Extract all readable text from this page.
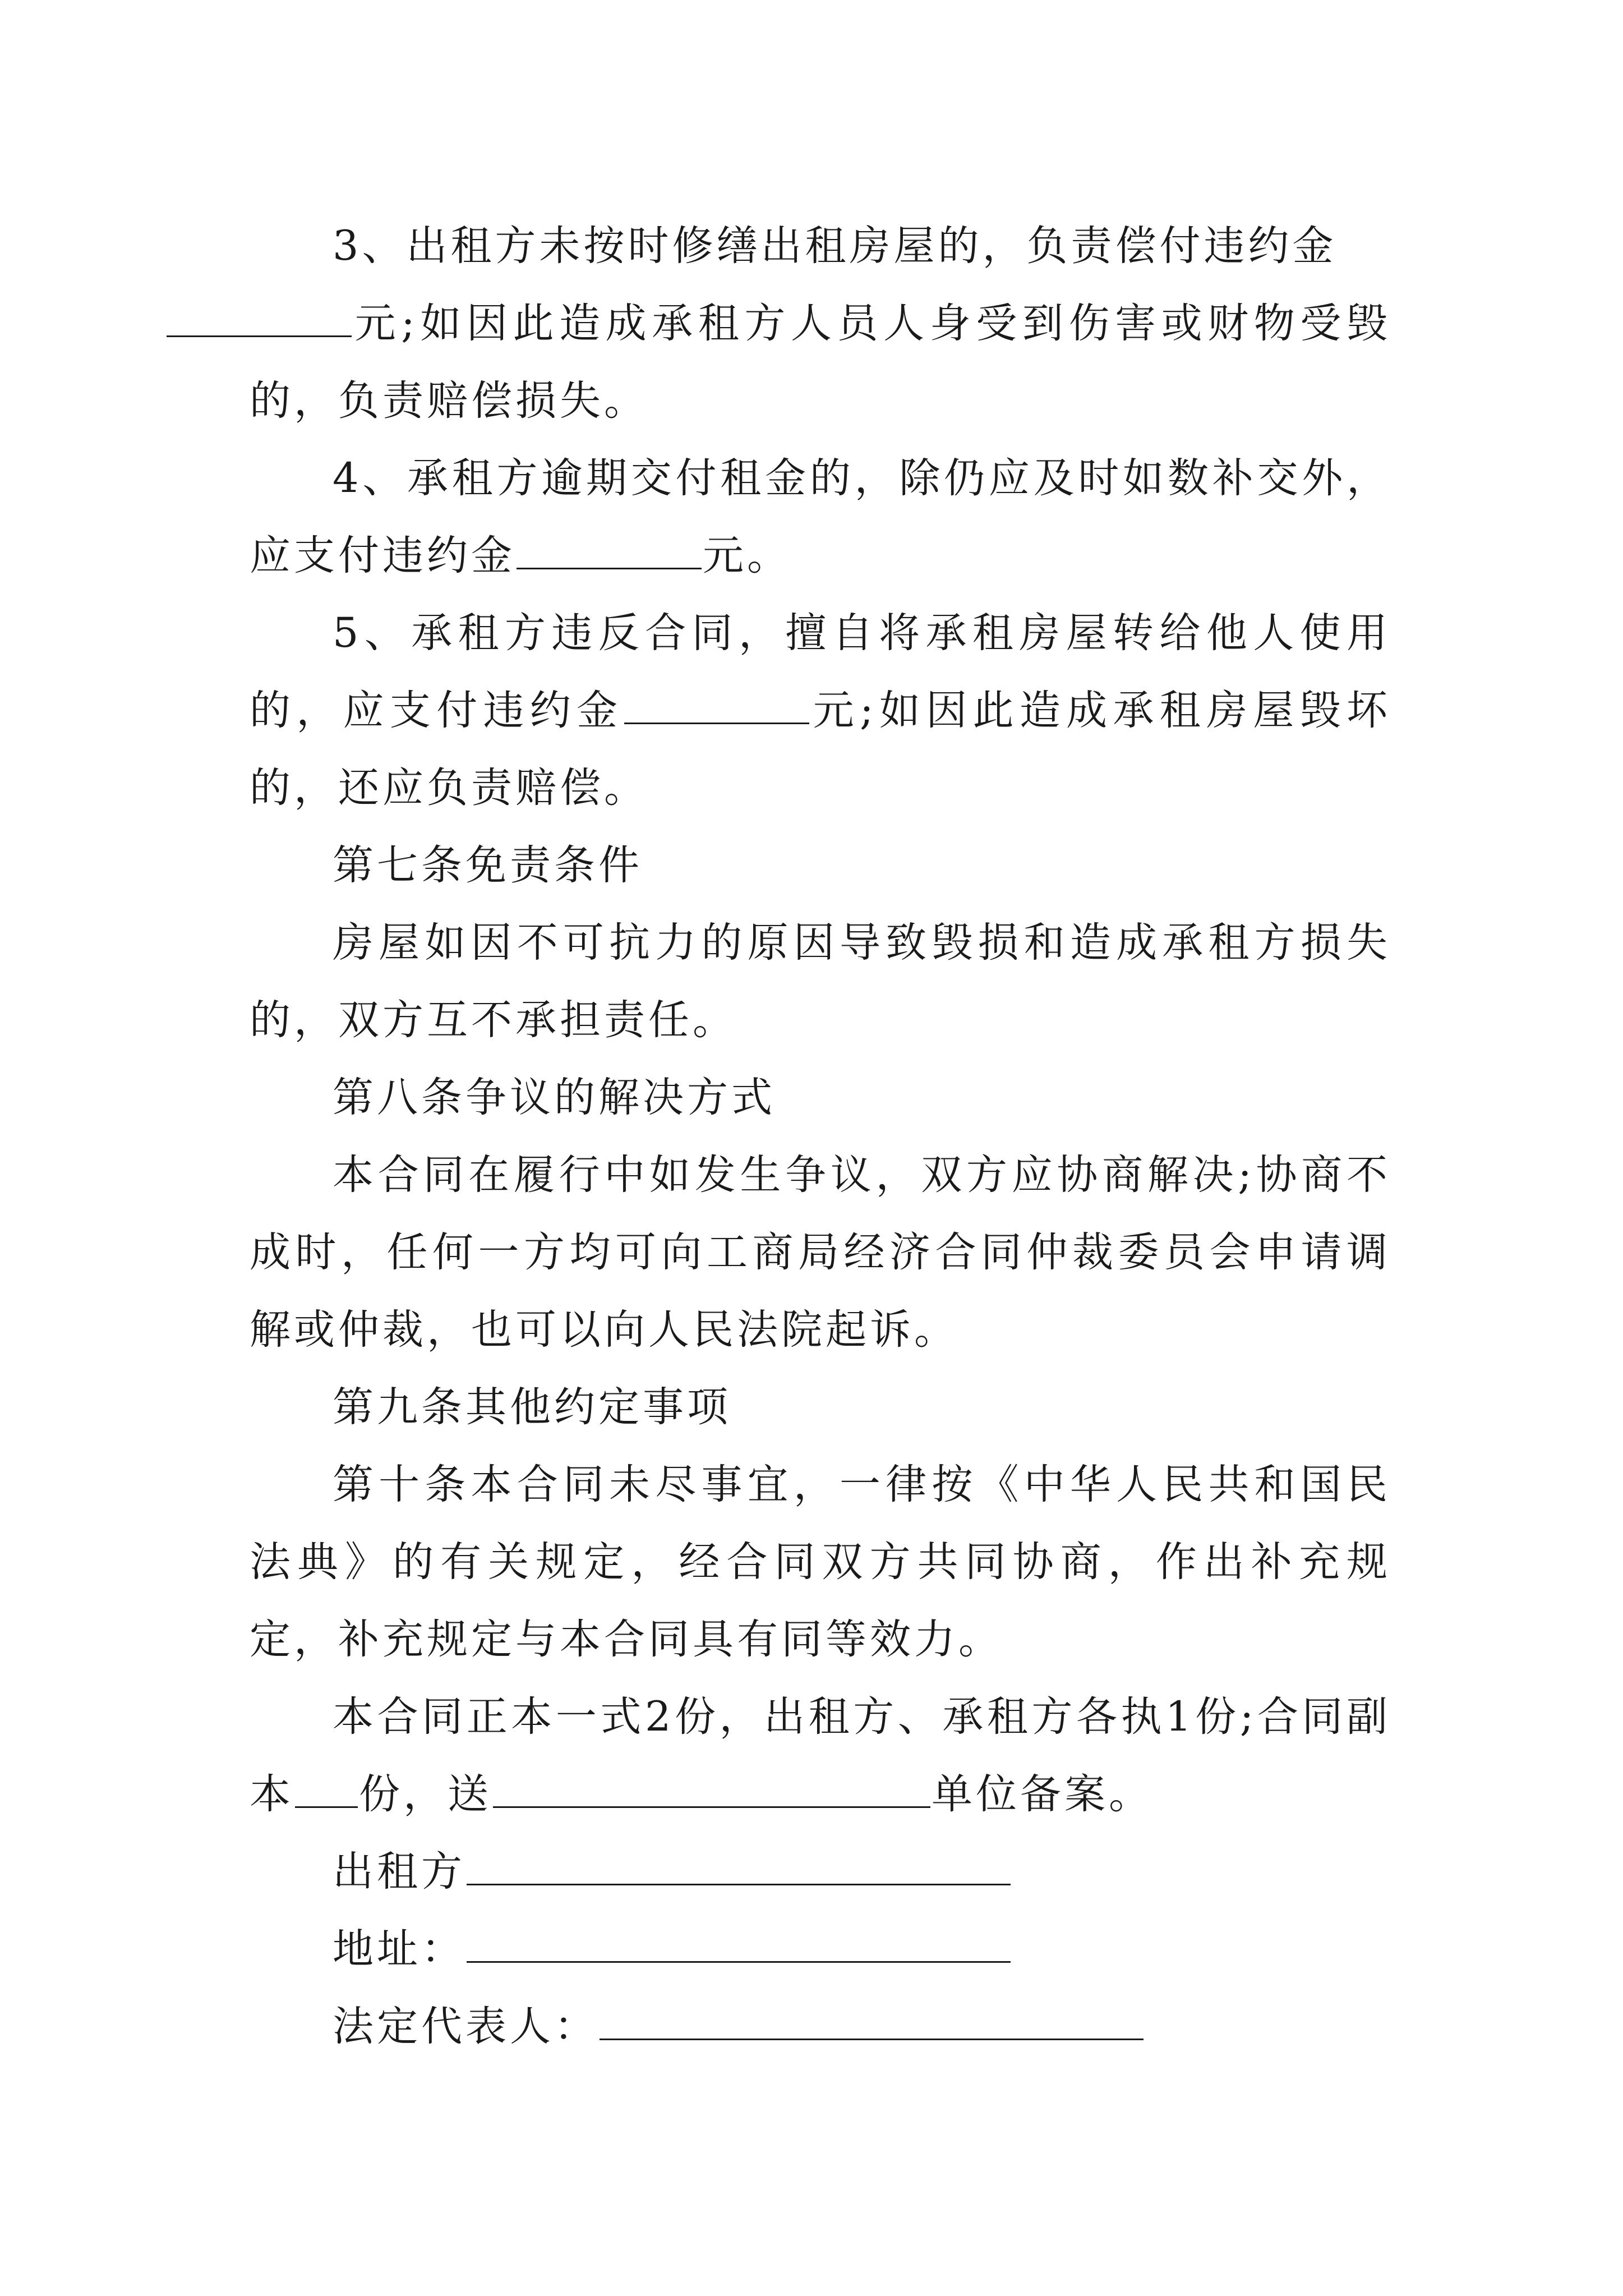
3、出租方未按时修缮出租房屋的，负责偿付违约金
元;如因此造成承租方人员人身受到伤害或财物受毁的，负责赔偿损失。

4、承租方逾期交付租金的，除仍应及时如数补交外，应支付违约金	元。

5、承租方违反合同，擅自将承租房屋转给他人使用的，应支付违约金	元;如因此造成承租房屋毁坏的，还应负责赔偿。

第七条免责条件

房屋如因不可抗力的原因导致毁损和造成承租方损失的，双方互不承担责任。

第八条争议的解决方式

本合同在履行中如发生争议，双方应协商解决;协商不成时，任何一方均可向工商局经济合同仲裁委员会申请调解或仲裁，也可以向人民法院起诉。

第九条其他约定事项

第十条本合同未尽事宜，一律按《中华人民共和国民法典》的有关规定，经合同双方共同协商，作出补充规定，补充规定与本合同具有同等效力。

本合同正本一式2份，出租方、承租方各执1份;合同副本 份，送	单位备案。

出租方

地址：

法定代表人：
